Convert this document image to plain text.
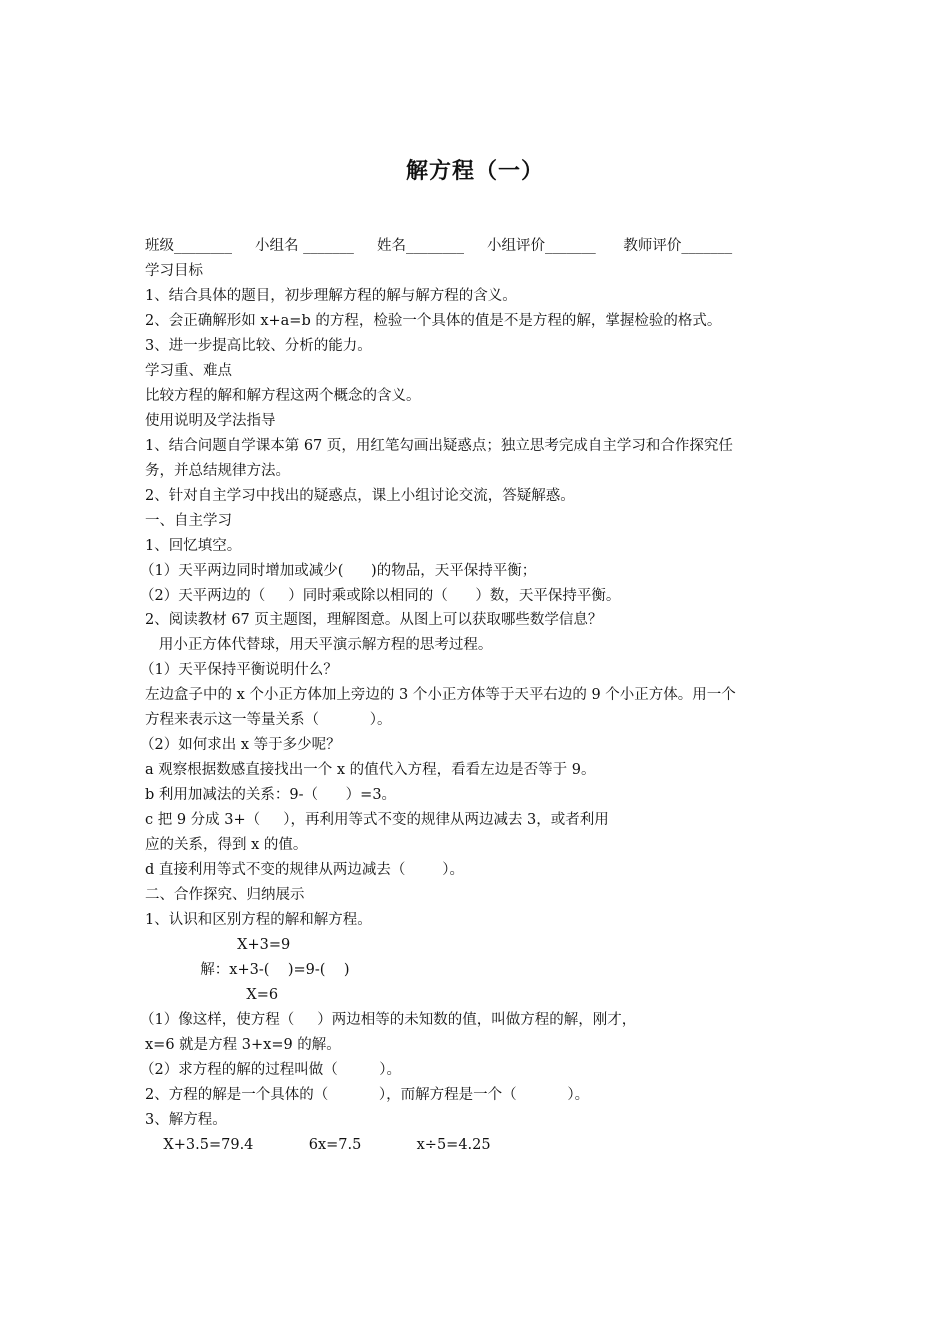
解方程（一）
班级________     小组名 _______     姓名________     小组评价_______      教师评价_______
学习目标
1、结合具体的题目，初步理解方程的解与解方程的含义。
2、会正确解形如 x+a=b 的方程，检验一个具体的值是不是方程的解，掌握检验的格式。
3、进一步提高比较、分析的能力。
学习重、难点
比较方程的解和解方程这两个概念的含义。
使用说明及学法指导
1、结合问题自学课本第 67 页，用红笔勾画出疑惑点；独立思考完成自主学习和合作探究任
务，并总结规律方法。
2、针对自主学习中找出的疑惑点，课上小组讨论交流，答疑解惑。
一、自主学习
1、回忆填空。
（1）天平两边同时增加或减少(      )的物品，天平保持平衡；
（2）天平两边的（     ）同时乘或除以相同的（      ）数，天平保持平衡。
2、阅读教材 67 页主题图，理解图意。从图上可以获取哪些数学信息？
用小正方体代替球，用天平演示解方程的思考过程。
（1）天平保持平衡说明什么？
左边盒子中的 x 个小正方体加上旁边的 3 个小正方体等于天平右边的 9 个小正方体。用一个
方程来表示这一等量关系（           ）。
（2）如何求出 x 等于多少呢？
a 观察根据数感直接找出一个 x 的值代入方程，看看左边是否等于 9。
b 利用加减法的关系：9-（      ）=3。
c 把 9 分成 3+（     ），再利用等式不变的规律从两边减去 3，或者利用
应的关系，得到 x 的值。
d 直接利用等式不变的规律从两边减去（        ）。
二、合作探究、归纳展示
1、认识和区别方程的解和解方程。
X+3=9
解：x+3-(    )=9-(    )
X=6
（1）像这样，使方程（     ）两边相等的未知数的值，叫做方程的解，刚才，
x=6 就是方程 3+x=9 的解。
（2）求方程的解的过程叫做（         ）。
2、方程的解是一个具体的（           ），而解方程是一个（           ）。
3、解方程。
X+3.5=79.4            6x=7.5            x÷5=4.25
